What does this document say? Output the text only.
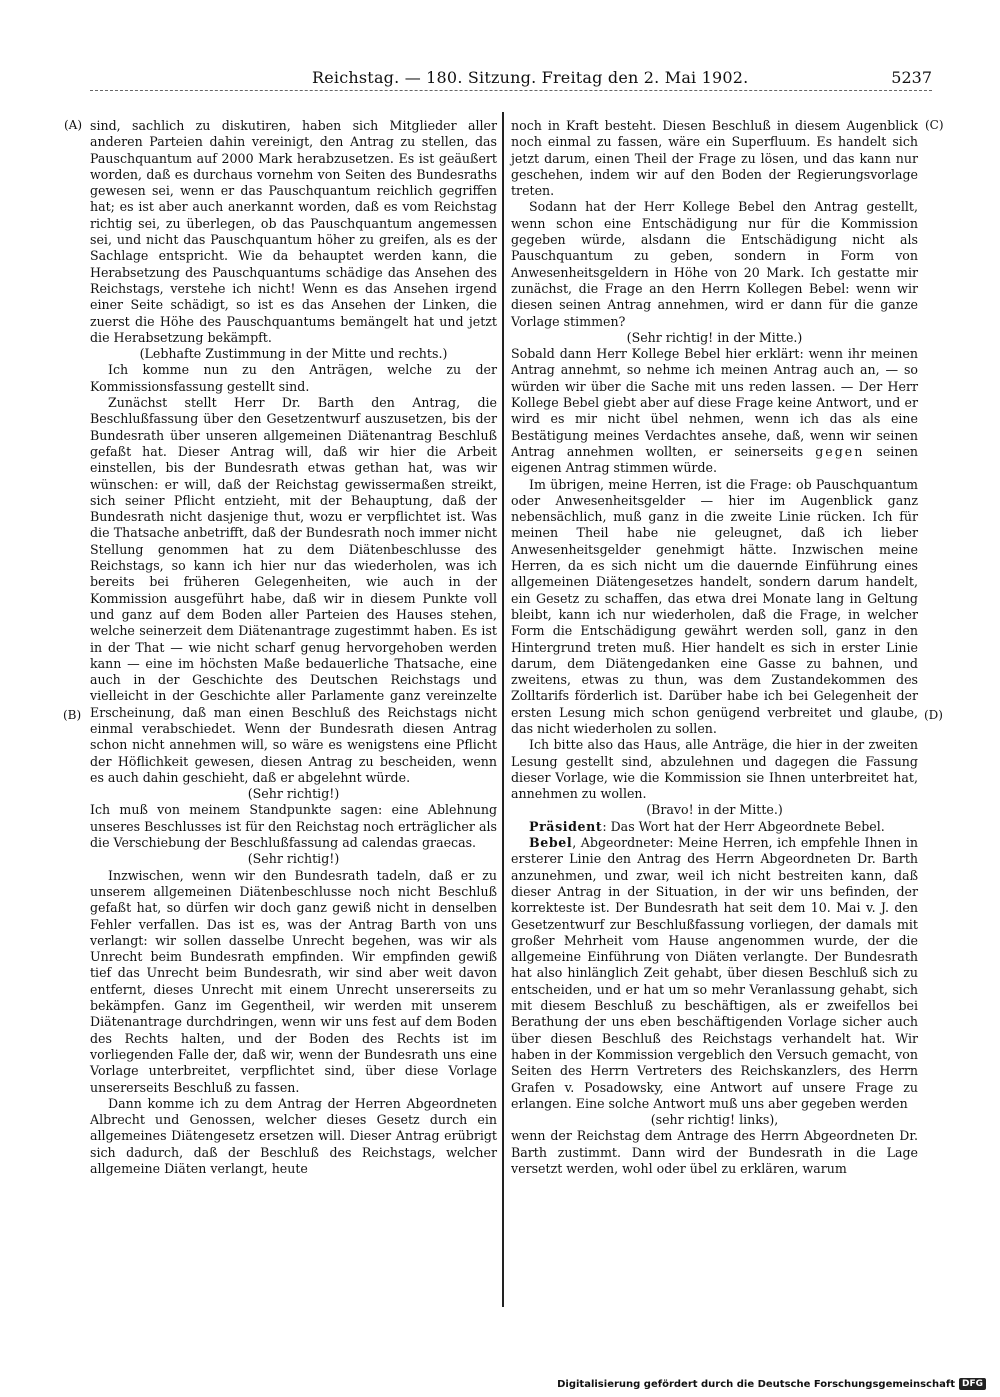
Reichstag. — 180. Sitzung. Freitag den 2. Mai 1902.	5237
(A)
(B)
(C)
(D)

sind, sachlich zu diskutiren, haben sich Mitglieder aller anderen Parteien dahin vereinigt, den Antrag zu stellen, das Pauschquantum auf 2000 Mark herabzusetzen. Es ist geäußert worden, daß es durchaus vornehm von Seiten des Bundesraths gewesen sei, wenn er das Pauschquantum reichlich gegriffen hat; es ist aber auch anerkannt worden, daß es vom Reichstag richtig sei, zu überlegen, ob das Pauschquantum angemessen sei, und nicht das Pauschquantum höher zu greifen, als es der Sachlage entspricht. Wie da behauptet werden kann, die Herabsetzung des Pauschquantums schädige das Ansehen des Reichstags, verstehe ich nicht! Wenn es das Ansehen irgend einer Seite schädigt, so ist es das Ansehen der Linken, die zuerst die Höhe des Pauschquantums bemängelt hat und jetzt die Herabsetzung bekämpft.

(Lebhafte Zustimmung in der Mitte und rechts.)

Ich komme nun zu den Anträgen, welche zu der Kommissionsfassung gestellt sind.

Zunächst stellt Herr Dr. Barth den Antrag, die Beschlußfassung über den Gesetzentwurf auszusetzen, bis der Bundesrath über unseren allgemeinen Diätenantrag Beschluß gefaßt hat. Dieser Antrag will, daß wir hier die Arbeit einstellen, bis der Bundesrath etwas gethan hat, was wir wünschen: er will, daß der Reichstag gewissermaßen streikt, sich seiner Pflicht entzieht, mit der Behauptung, daß der Bundesrath nicht dasjenige thut, wozu er verpflichtet ist. Was die Thatsache anbetrifft, daß der Bundesrath noch immer nicht Stellung genommen hat zu dem Diätenbeschlusse des Reichstags, so kann ich hier nur das wiederholen, was ich bereits bei früheren Gelegenheiten, wie auch in der Kommission ausgeführt habe, daß wir in diesem Punkte voll und ganz auf dem Boden aller Parteien des Hauses stehen, welche seinerzeit dem Diätenantrage zugestimmt haben. Es ist in der That — wie nicht scharf genug hervorgehoben werden kann — eine im höchsten Maße bedauerliche Thatsache, eine auch in der Geschichte des Deutschen Reichstags und vielleicht in der Geschichte aller Parlamente ganz vereinzelte Erscheinung, daß man einen Beschluß des Reichstags nicht einmal verabschiedet. Wenn der Bundesrath diesen Antrag schon nicht annehmen will, so wäre es wenigstens eine Pflicht der Höflichkeit gewesen, diesen Antrag zu bescheiden, wenn es auch dahin geschieht, daß er abgelehnt würde.

(Sehr richtig!)

Ich muß von meinem Standpunkte sagen: eine Ablehnung unseres Beschlusses ist für den Reichstag noch erträglicher als die Verschiebung der Beschlußfassung ad calendas graecas.

(Sehr richtig!)

Inzwischen, wenn wir den Bundesrath tadeln, daß er zu unserem allgemeinen Diätenbeschlusse noch nicht Beschluß gefaßt hat, so dürfen wir doch ganz gewiß nicht in denselben Fehler verfallen. Das ist es, was der Antrag Barth von uns verlangt: wir sollen dasselbe Unrecht begehen, was wir als Unrecht beim Bundesrath empfinden. Wir empfinden gewiß tief das Unrecht beim Bundesrath, wir sind aber weit davon entfernt, dieses Unrecht mit einem Unrecht unsererseits zu bekämpfen. Ganz im Gegentheil, wir werden mit unserem Diätenantrage durchdringen, wenn wir uns fest auf dem Boden des Rechts halten, und der Boden des Rechts ist im vorliegenden Falle der, daß wir, wenn der Bundesrath uns eine Vorlage unterbreitet, verpflichtet sind, über diese Vorlage unsererseits Beschluß zu fassen.

Dann komme ich zu dem Antrag der Herren Abgeordneten Albrecht und Genossen, welcher dieses Gesetz durch ein allgemeines Diätengesetz ersetzen will. Dieser Antrag erübrigt sich dadurch, daß der Beschluß des Reichstags, welcher allgemeine Diäten verlangt, heute

noch in Kraft besteht. Diesen Beschluß in diesem Augenblick noch einmal zu fassen, wäre ein Superfluum. Es handelt sich jetzt darum, einen Theil der Frage zu lösen, und das kann nur geschehen, indem wir auf den Boden der Regierungsvorlage treten.

Sodann hat der Herr Kollege Bebel den Antrag gestellt, wenn schon eine Entschädigung nur für die Kommission gegeben würde, alsdann die Entschädigung nicht als Pauschquantum zu geben, sondern in Form von Anwesenheitsgeldern in Höhe von 20 Mark. Ich gestatte mir zunächst, die Frage an den Herrn Kollegen Bebel: wenn wir diesen seinen Antrag annehmen, wird er dann für die ganze Vorlage stimmen?

(Sehr richtig! in der Mitte.)

Sobald dann Herr Kollege Bebel hier erklärt: wenn ihr meinen Antrag annehmt, so nehme ich meinen Antrag auch an, — so würden wir über die Sache mit uns reden lassen. — Der Herr Kollege Bebel giebt aber auf diese Frage keine Antwort, und er wird es mir nicht übel nehmen, wenn ich das als eine Bestätigung meines Verdachtes ansehe, daß, wenn wir seinen Antrag annehmen wollten, er seinerseits gegen seinen eigenen Antrag stimmen würde.

Im übrigen, meine Herren, ist die Frage: ob Pauschquantum oder Anwesenheitsgelder — hier im Augenblick ganz nebensächlich, muß ganz in die zweite Linie rücken. Ich für meinen Theil habe nie geleugnet, daß ich lieber Anwesenheitsgelder genehmigt hätte. Inzwischen meine Herren, da es sich nicht um die dauernde Einführung eines allgemeinen Diätengesetzes handelt, sondern darum handelt, ein Gesetz zu schaffen, das etwa drei Monate lang in Geltung bleibt, kann ich nur wiederholen, daß die Frage, in welcher Form die Entschädigung gewährt werden soll, ganz in den Hintergrund treten muß. Hier handelt es sich in erster Linie darum, dem Diätengedanken eine Gasse zu bahnen, und zweitens, etwas zu thun, was dem Zustandekommen des Zolltarifs förderlich ist. Darüber habe ich bei Gelegenheit der ersten Lesung mich schon genügend verbreitet und glaube, das nicht wiederholen zu sollen.

Ich bitte also das Haus, alle Anträge, die hier in der zweiten Lesung gestellt sind, abzulehnen und dagegen die Fassung dieser Vorlage, wie die Kommission sie Ihnen unterbreitet hat, annehmen zu wollen.

(Bravo! in der Mitte.)

Präsident: Das Wort hat der Herr Abgeordnete Bebel.

Bebel, Abgeordneter: Meine Herren, ich empfehle Ihnen in ersterer Linie den Antrag des Herrn Abgeordneten Dr. Barth anzunehmen, und zwar, weil ich nicht bestreiten kann, daß dieser Antrag in der Situation, in der wir uns befinden, der korrekteste ist. Der Bundesrath hat seit dem 10. Mai v. J. den Gesetzentwurf zur Beschlußfassung vorliegen, der damals mit großer Mehrheit vom Hause angenommen wurde, der die allgemeine Einführung von Diäten verlangte. Der Bundesrath hat also hinlänglich Zeit gehabt, über diesen Beschluß sich zu entscheiden, und er hat um so mehr Veranlassung gehabt, sich mit diesem Beschluß zu beschäftigen, als er zweifellos bei Berathung der uns eben beschäftigenden Vorlage sicher auch über diesen Beschluß des Reichstags verhandelt hat. Wir haben in der Kommission vergeblich den Versuch gemacht, von Seiten des Herrn Vertreters des Reichskanzlers, des Herrn Grafen v. Posadowsky, eine Antwort auf unsere Frage zu erlangen. Eine solche Antwort muß uns aber gegeben werden

(sehr richtig! links),

wenn der Reichstag dem Antrage des Herrn Abgeordneten Dr. Barth zustimmt. Dann wird der Bundesrath in die Lage versetzt werden, wohl oder übel zu erklären, warum

Digitalisierung gefördert durch die Deutsche Forschungsgemeinschaft DFG
